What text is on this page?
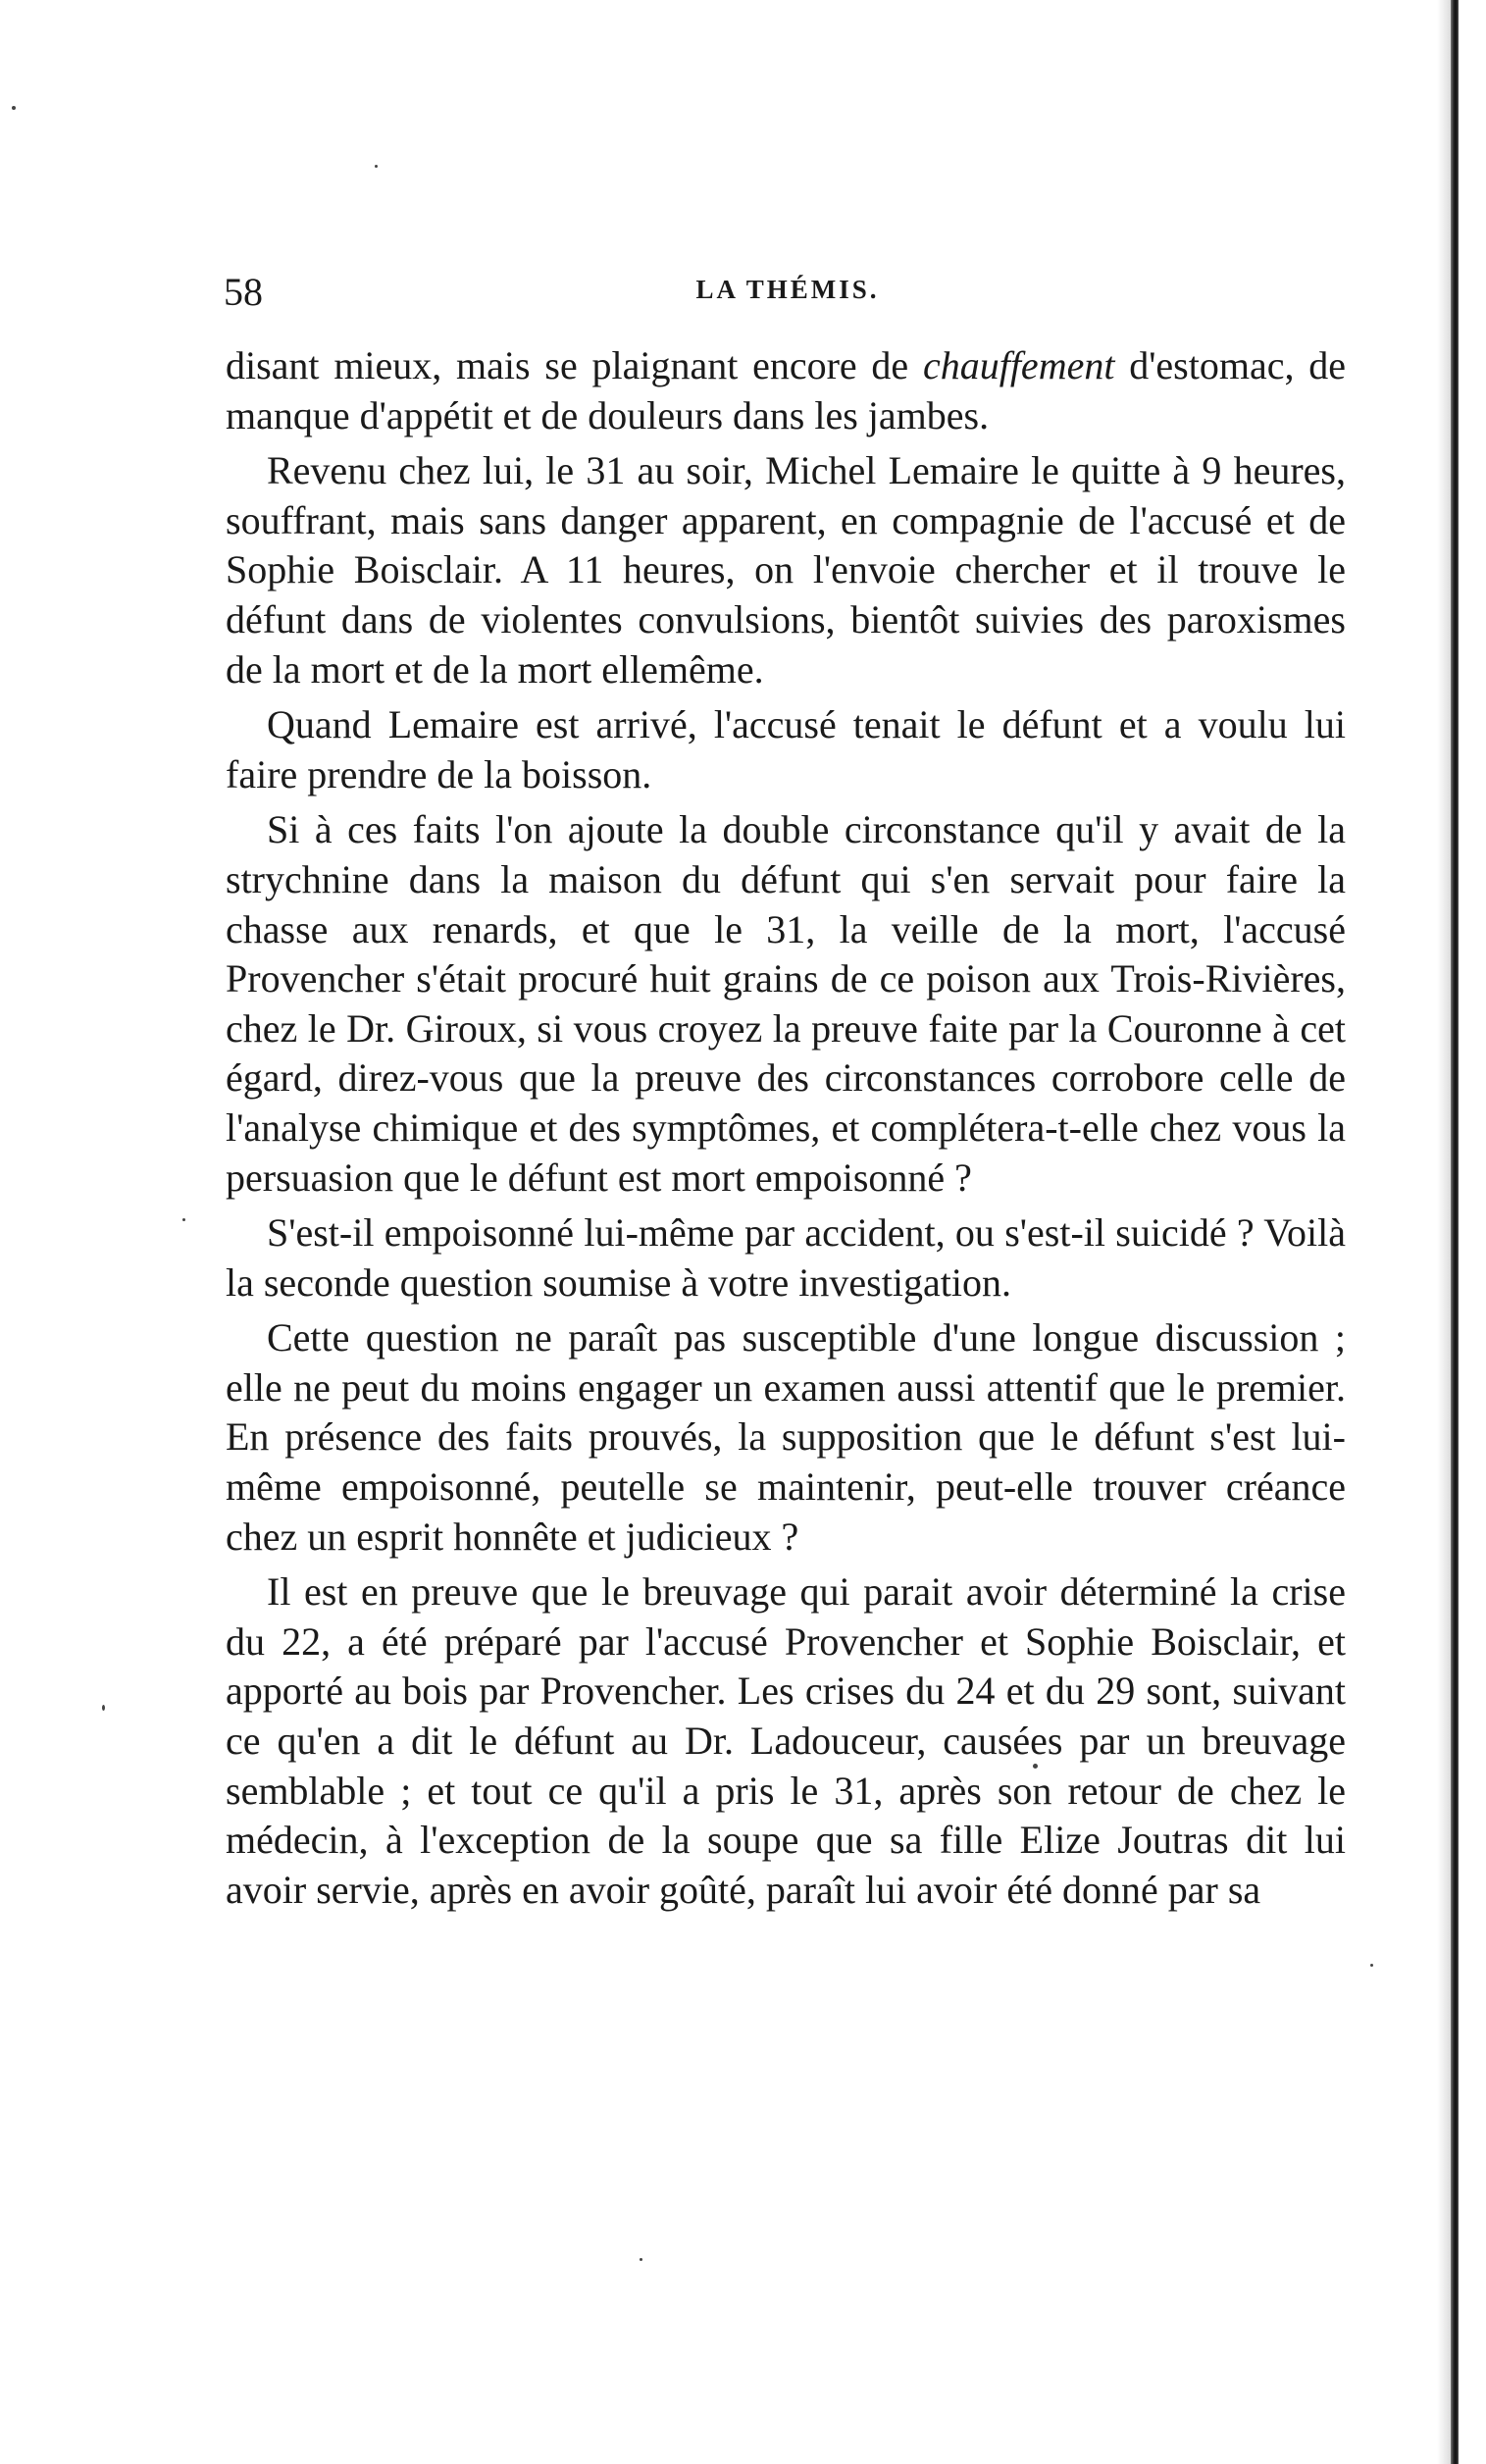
58	LA THÉMIS.

disant mieux, mais se plaignant encore de chauffement d'estomac, de manque d'appétit et de douleurs dans les jambes.

Revenu chez lui, le 31 au soir, Michel Lemaire le quitte à 9 heures, souffrant, mais sans danger apparent, en compagnie de l'accusé et de Sophie Boisclair. A 11 heures, on l'envoie chercher et il trouve le défunt dans de violentes convulsions, bientôt suivies des paroxismes de la mort et de la mort ellemême.

Quand Lemaire est arrivé, l'accusé tenait le défunt et a voulu lui faire prendre de la boisson.

Si à ces faits l'on ajoute la double circonstance qu'il y avait de la strychnine dans la maison du défunt qui s'en servait pour faire la chasse aux renards, et que le 31, la veille de la mort, l'accusé Provencher s'était procuré huit grains de ce poison aux Trois-Rivières, chez le Dr. Giroux, si vous croyez la preuve faite par la Couronne à cet égard, direz-vous que la preuve des circonstances corrobore celle de l'analyse chimique et des symptômes, et complétera-t-elle chez vous la persuasion que le défunt est mort empoisonné ?

S'est-il empoisonné lui-même par accident, ou s'est-il suicidé ? Voilà la seconde question soumise à votre investigation.

Cette question ne paraît pas susceptible d'une longue discussion ; elle ne peut du moins engager un examen aussi attentif que le premier. En présence des faits prouvés, la supposition que le défunt s'est lui-même empoisonné, peutelle se maintenir, peut-elle trouver créance chez un esprit honnête et judicieux ?

Il est en preuve que le breuvage qui parait avoir déterminé la crise du 22, a été préparé par l'accusé Provencher et Sophie Boisclair, et apporté au bois par Provencher. Les crises du 24 et du 29 sont, suivant ce qu'en a dit le défunt au Dr. Ladouceur, causées par un breuvage semblable ; et tout ce qu'il a pris le 31, après son retour de chez le médecin, à l'exception de la soupe que sa fille Elize Joutras dit lui avoir servie, après en avoir goûté, paraît lui avoir été donné par sa
